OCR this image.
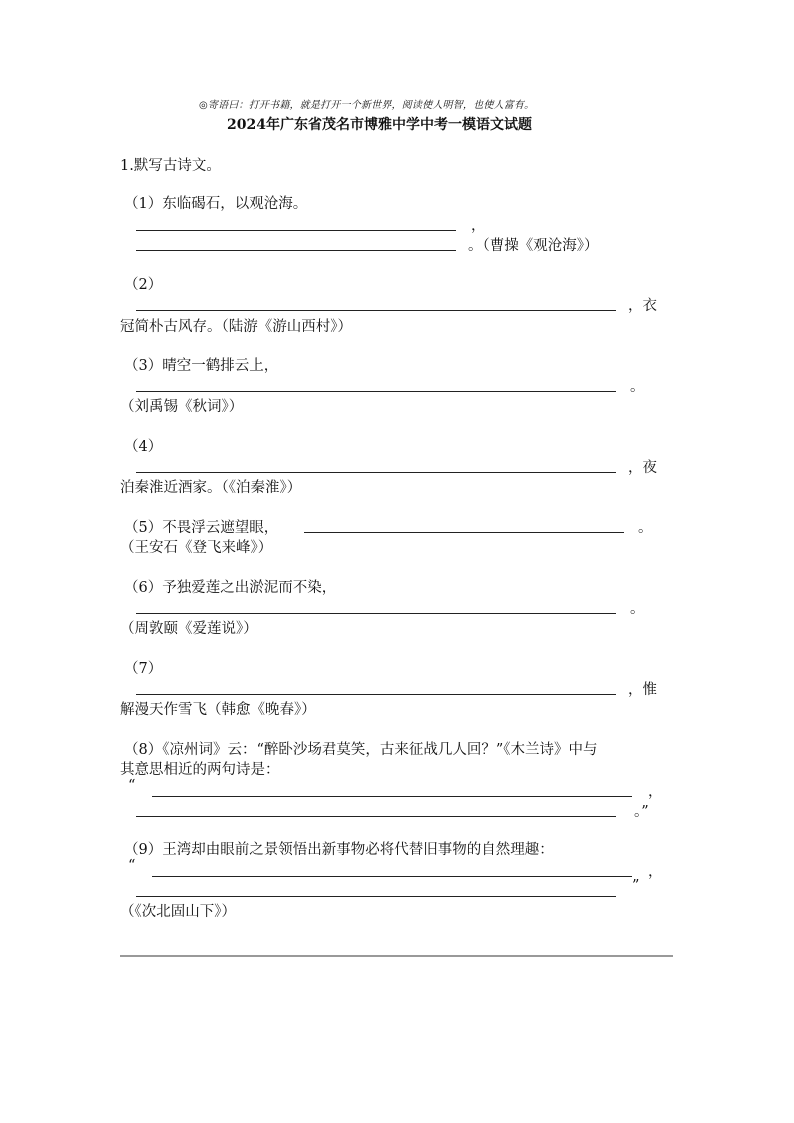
◎寄语曰：打开书籍，就是打开一个新世界，阅读使人明智，也使人富有。
2024年广东省茂名市博雅中学中考一模语文试题
1.默写古诗文。
（1）东临碣石，以观沧海。
，
。（曹操《观沧海》）
（2）
，衣
冠简朴古风存。（陆游《游山西村》）
（3）晴空一鹤排云上，
。
（刘禹锡《秋词》）
（4）
，夜
泊秦淮近酒家。（《泊秦淮》）
（5）不畏浮云遮望眼，	。
（王安石《登飞来峰》）
（6）予独爱莲之出淤泥而不染，
。
（周敦颐《爱莲说》）
（7）
，惟
解漫天作雪飞（韩愈《晚春》）
（8）《凉州词》云：“醉卧沙场君莫笑，古来征战几人回？”《木兰诗》中与
其意思相近的两句诗是：
“	，
。”
（9）王湾却由眼前之景领悟出新事物必将代替旧事物的自然理趣：
“	，
”
（《次北固山下》）
